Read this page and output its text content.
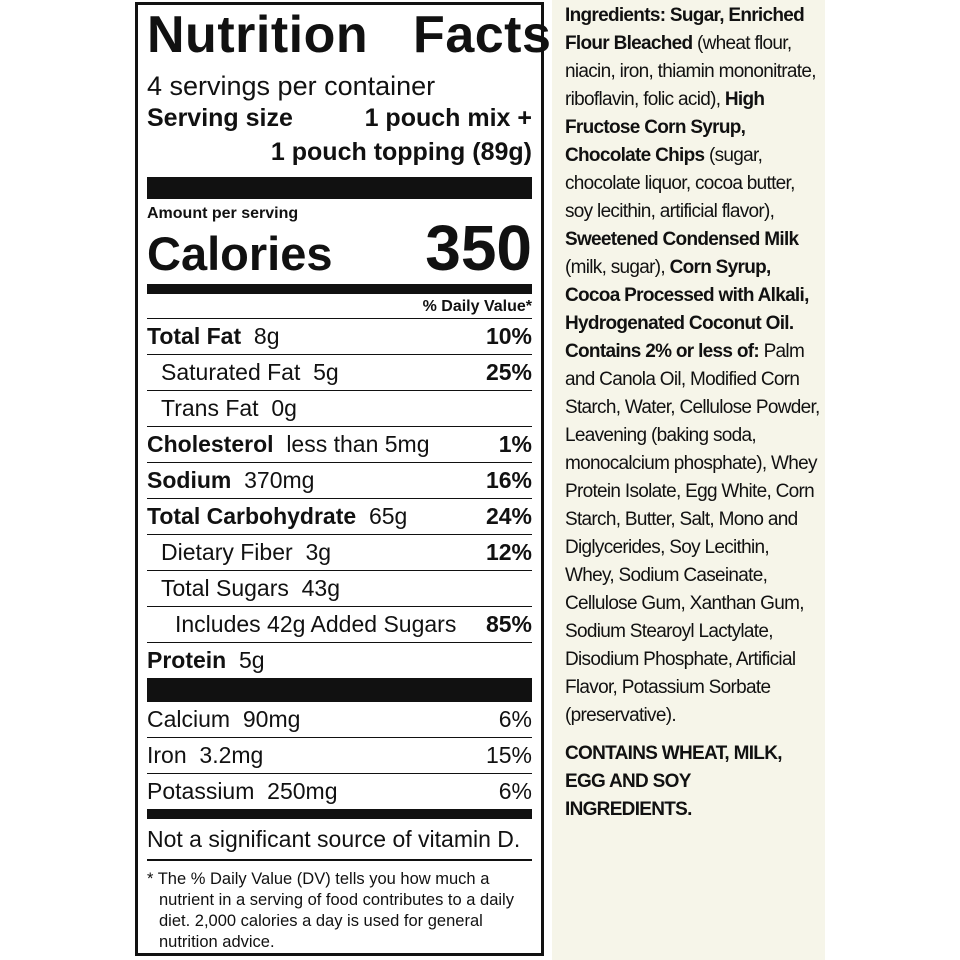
Nutrition Facts
4 servings per container
Serving size	1 pouch mix +
1 pouch topping (89g)
Amount per serving
Calories 350
% Daily Value*
Total Fat 8g	10%
Saturated Fat 5g	25%
Trans Fat 0g
Cholesterol less than 5mg	1%
Sodium 370mg	16%
Total Carbohydrate 65g	24%
Dietary Fiber 3g	12%
Total Sugars 43g
Includes 42g Added Sugars 85%
Protein 5g
Calcium 90mg	6%
Iron 3.2mg	15%
Potassium 250mg	6%
Not a significant source of vitamin D.
* The % Daily Value (DV) tells you how much a nutrient in a serving of food contributes to a daily diet. 2,000 calories a day is used for general nutrition advice.

Ingredients: Sugar, Enriched Flour Bleached (wheat flour, niacin, iron, thiamin mononitrate, riboflavin, folic acid), High Fructose Corn Syrup, Chocolate Chips (sugar, chocolate liquor, cocoa butter, soy lecithin, artificial flavor), Sweetened Condensed Milk (milk, sugar), Corn Syrup, Cocoa Processed with Alkali, Hydrogenated Coconut Oil. Contains 2% or less of: Palm and Canola Oil, Modified Corn Starch, Water, Cellulose Powder, Leavening (baking soda, monocalcium phosphate), Whey Protein Isolate, Egg White, Corn Starch, Butter, Salt, Mono and Diglycerides, Soy Lecithin, Whey, Sodium Caseinate, Cellulose Gum, Xanthan Gum, Sodium Stearoyl Lactylate, Disodium Phosphate, Artificial Flavor, Potassium Sorbate (preservative).

CONTAINS WHEAT, MILK, EGG AND SOY INGREDIENTS.
